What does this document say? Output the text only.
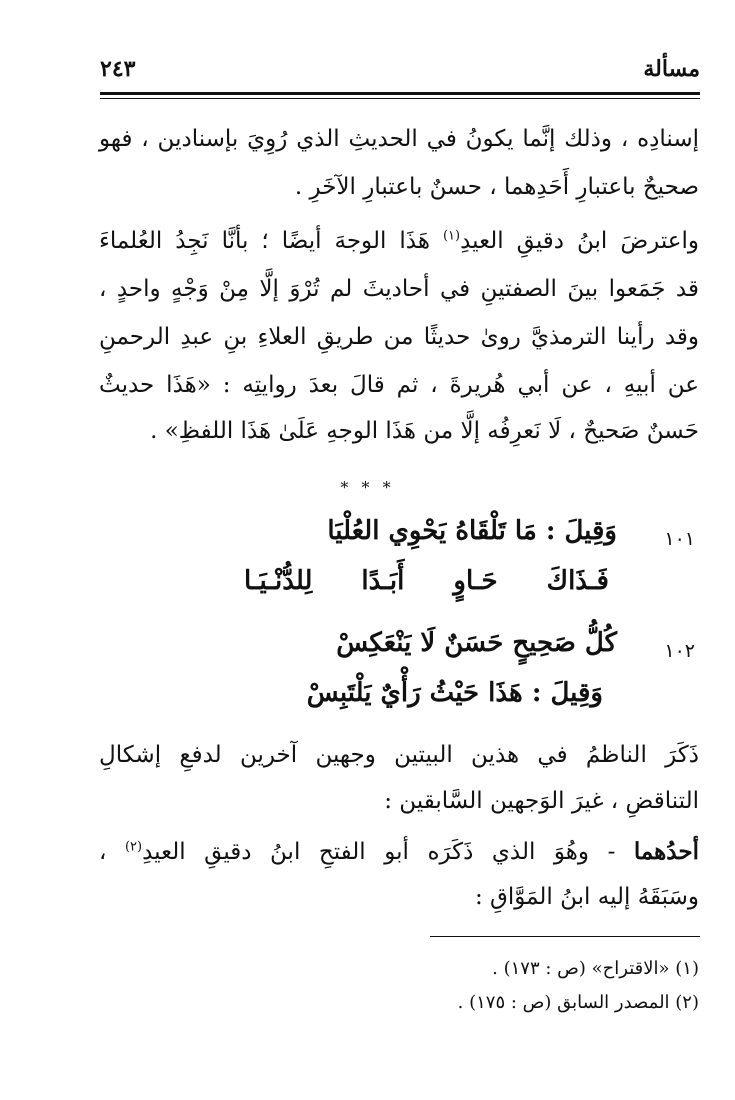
مسألة
٢٤٣
إسنادِه ، وذلك إنَّما يكونُ في الحديثِ الذي رُوِيَ بإسنادين ، فهو
صحيحٌ باعتبارِ أَحَدِهما ، حسنٌ باعتبارِ الآخَرِ .
واعترضَ ابنُ دقيقِ العيدِ$^{(١)}$ هَذَا الوجهَ أيضًا ؛ بأنَّا نَجِدُ العُلماءَ
قد جَمَعوا بينَ الصفتينِ في أحاديثَ لم تُرْوَ إلَّا مِنْ وَجْهٍ واحدٍ ،
وقد رأينا الترمذيَّ روىٰ حديثًا من طريقِ العلاءِ بنِ عبدِ الرحمنِ
عن أبيهِ ، عن أبي هُريرةَ ، ثم قالَ بعدَ روايتِه : «هَذَا حديثٌ
حَسنٌ صَحيحٌ ، لَا نَعرِفُه إلَّا من هَذَا الوجهِ عَلَىٰ هَذَا اللفظِ» .
* * *
١٠١
وَقِيلَ : مَا تَلْقَاهُ يَحْوِي العُلْيَا
فَـذَاكَ حَـاوٍ أَبَـدًا لِلدُّنْـيَـا
١٠٢
كُلُّ صَحِيحٍ حَسَنٌ لَا يَنْعَكِسْ
وَقِيلَ : هَذَا حَيْثُ رَأْيٌ يَلْتَبِسْ
ذَكَرَ الناظمُ في هذين البيتين وجهين آخرين لدفعِ إشكالِ
التناقضِ ، غيرَ الوَجهين السَّابقين :
أحدُهما - وهُوَ الذي ذَكَرَه أبو الفتحِ ابنُ دقيقِ العيدِ$^{(٢)}$ ،
وسَبَقَهُ إليه ابنُ المَوَّاقِ :
(١) «الاقتراح» (ص : ١٧٣) .
(٢) المصدر السابق (ص : ١٧٥) .
